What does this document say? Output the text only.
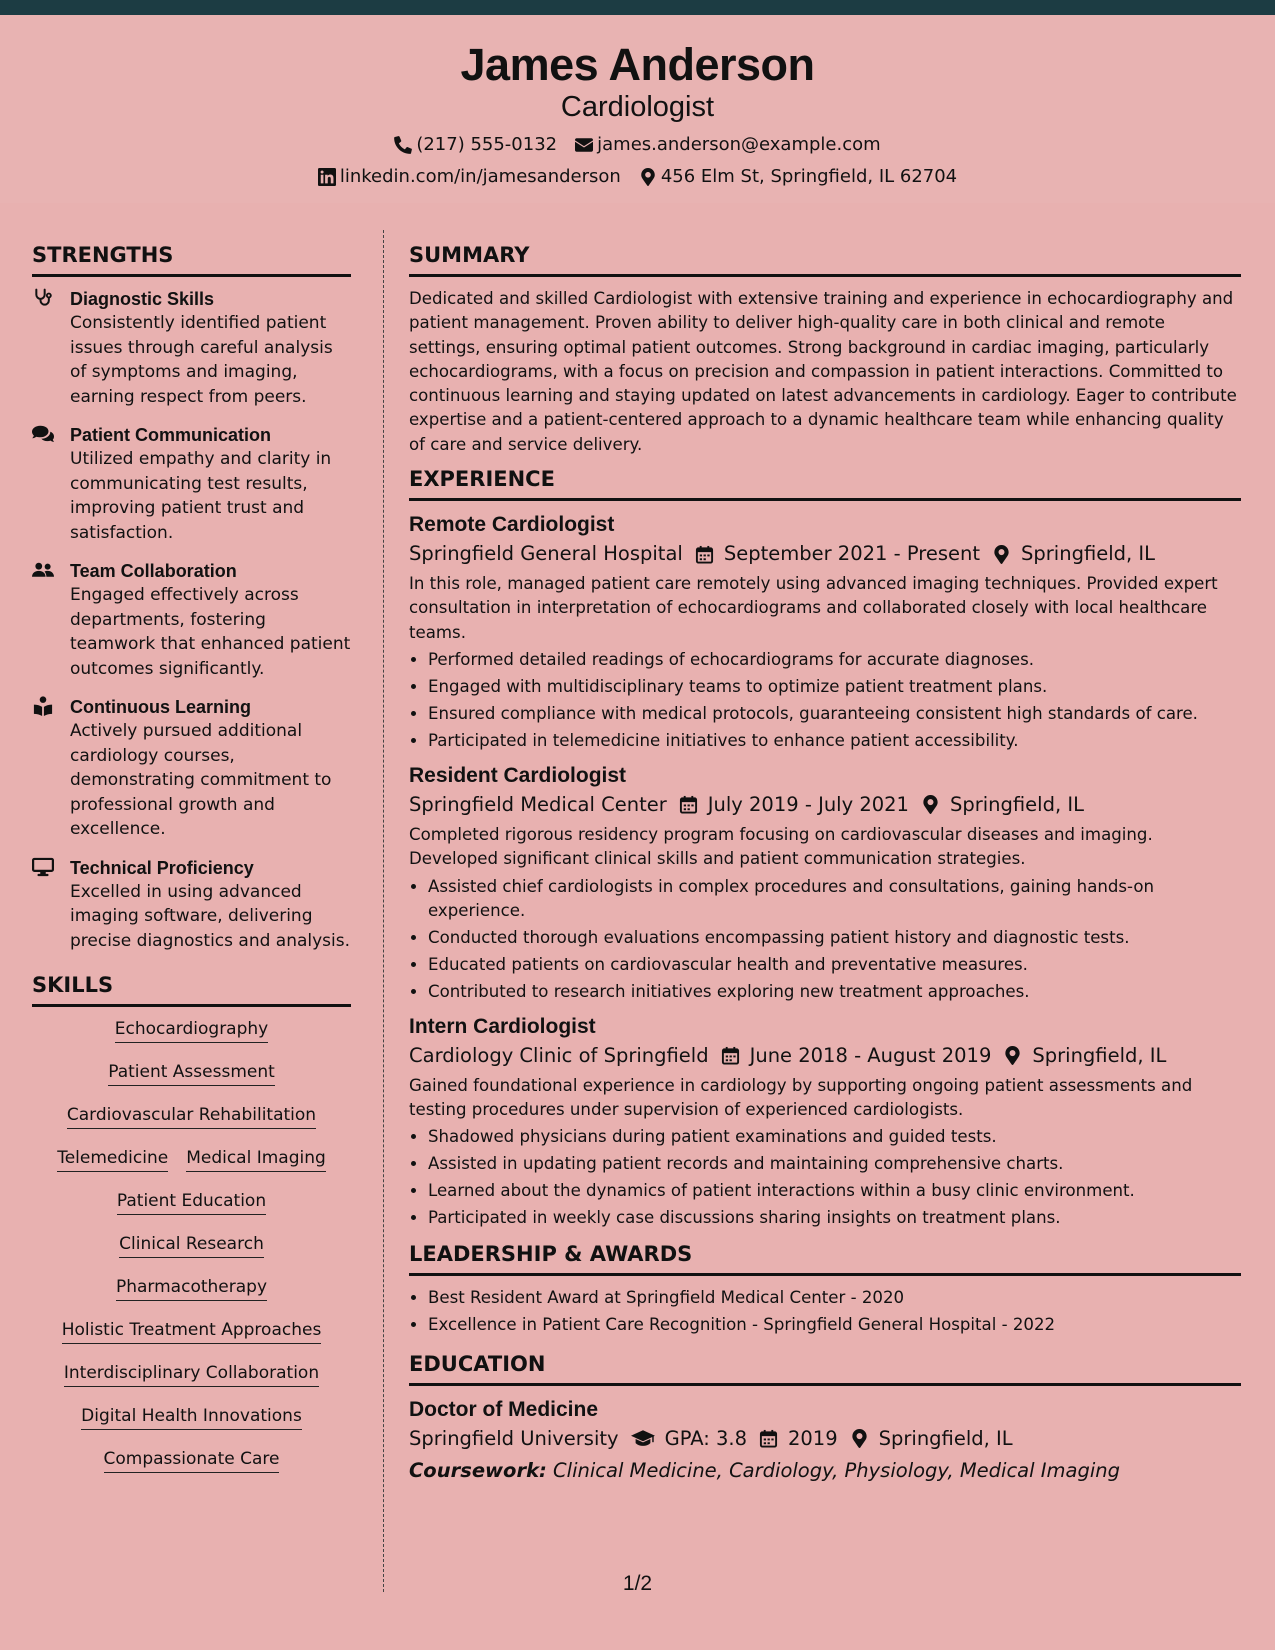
James Anderson
Cardiologist
(217) 555-0132 james.anderson@example.com
linkedin.com/in/jamesanderson 456 Elm St, Springfield, IL 62704
STRENGTHS
Diagnostic Skills
Consistently identified patient issues through careful analysis of symptoms and imaging, earning respect from peers.
Patient Communication
Utilized empathy and clarity in communicating test results, improving patient trust and satisfaction.
Team Collaboration
Engaged effectively across departments, fostering teamwork that enhanced patient outcomes significantly.
Continuous Learning
Actively pursued additional cardiology courses, demonstrating commitment to professional growth and excellence.
Technical Proficiency
Excelled in using advanced imaging software, delivering precise diagnostics and analysis.
SKILLS
Echocardiography
Patient Assessment
Cardiovascular Rehabilitation
Telemedicine Medical Imaging
Patient Education
Clinical Research
Pharmacotherapy
Holistic Treatment Approaches
Interdisciplinary Collaboration
Digital Health Innovations
Compassionate Care
SUMMARY

Dedicated and skilled Cardiologist with extensive training and experience in echocardiography and patient management. Proven ability to deliver high-quality care in both clinical and remote settings, ensuring optimal patient outcomes. Strong background in cardiac imaging, particularly echocardiograms, with a focus on precision and compassion in patient interactions. Committed to continuous learning and staying updated on latest advancements in cardiology. Eager to contribute expertise and a patient-centered approach to a dynamic healthcare team while enhancing quality of care and service delivery.

EXPERIENCE
Remote Cardiologist
Springfield General Hospital September 2021 - Present Springfield, IL

In this role, managed patient care remotely using advanced imaging techniques. Provided expert consultation in interpretation of echocardiograms and collaborated closely with local healthcare teams.

• Performed detailed readings of echocardiograms for accurate diagnoses.
• Engaged with multidisciplinary teams to optimize patient treatment plans.
• Ensured compliance with medical protocols, guaranteeing consistent high standards of care.
• Participated in telemedicine initiatives to enhance patient accessibility.
Resident Cardiologist
Springfield Medical Center July 2019 - July 2021 Springfield, IL

Completed rigorous residency program focusing on cardiovascular diseases and imaging. Developed significant clinical skills and patient communication strategies.

• Assisted chief cardiologists in complex procedures and consultations, gaining hands-on experience.
• Conducted thorough evaluations encompassing patient history and diagnostic tests.
• Educated patients on cardiovascular health and preventative measures.
• Contributed to research initiatives exploring new treatment approaches.
Intern Cardiologist
Cardiology Clinic of Springfield June 2018 - August 2019 Springfield, IL

Gained foundational experience in cardiology by supporting ongoing patient assessments and testing procedures under supervision of experienced cardiologists.

• Shadowed physicians during patient examinations and guided tests.
• Assisted in updating patient records and maintaining comprehensive charts.
• Learned about the dynamics of patient interactions within a busy clinic environment.
• Participated in weekly case discussions sharing insights on treatment plans.
LEADERSHIP & AWARDS
• Best Resident Award at Springfield Medical Center - 2020
• Excellence in Patient Care Recognition - Springfield General Hospital - 2022
EDUCATION
Doctor of Medicine
Springfield University GPA: 3.8 2019 Springfield, IL
Coursework: Clinical Medicine, Cardiology, Physiology, Medical Imaging
1/2
